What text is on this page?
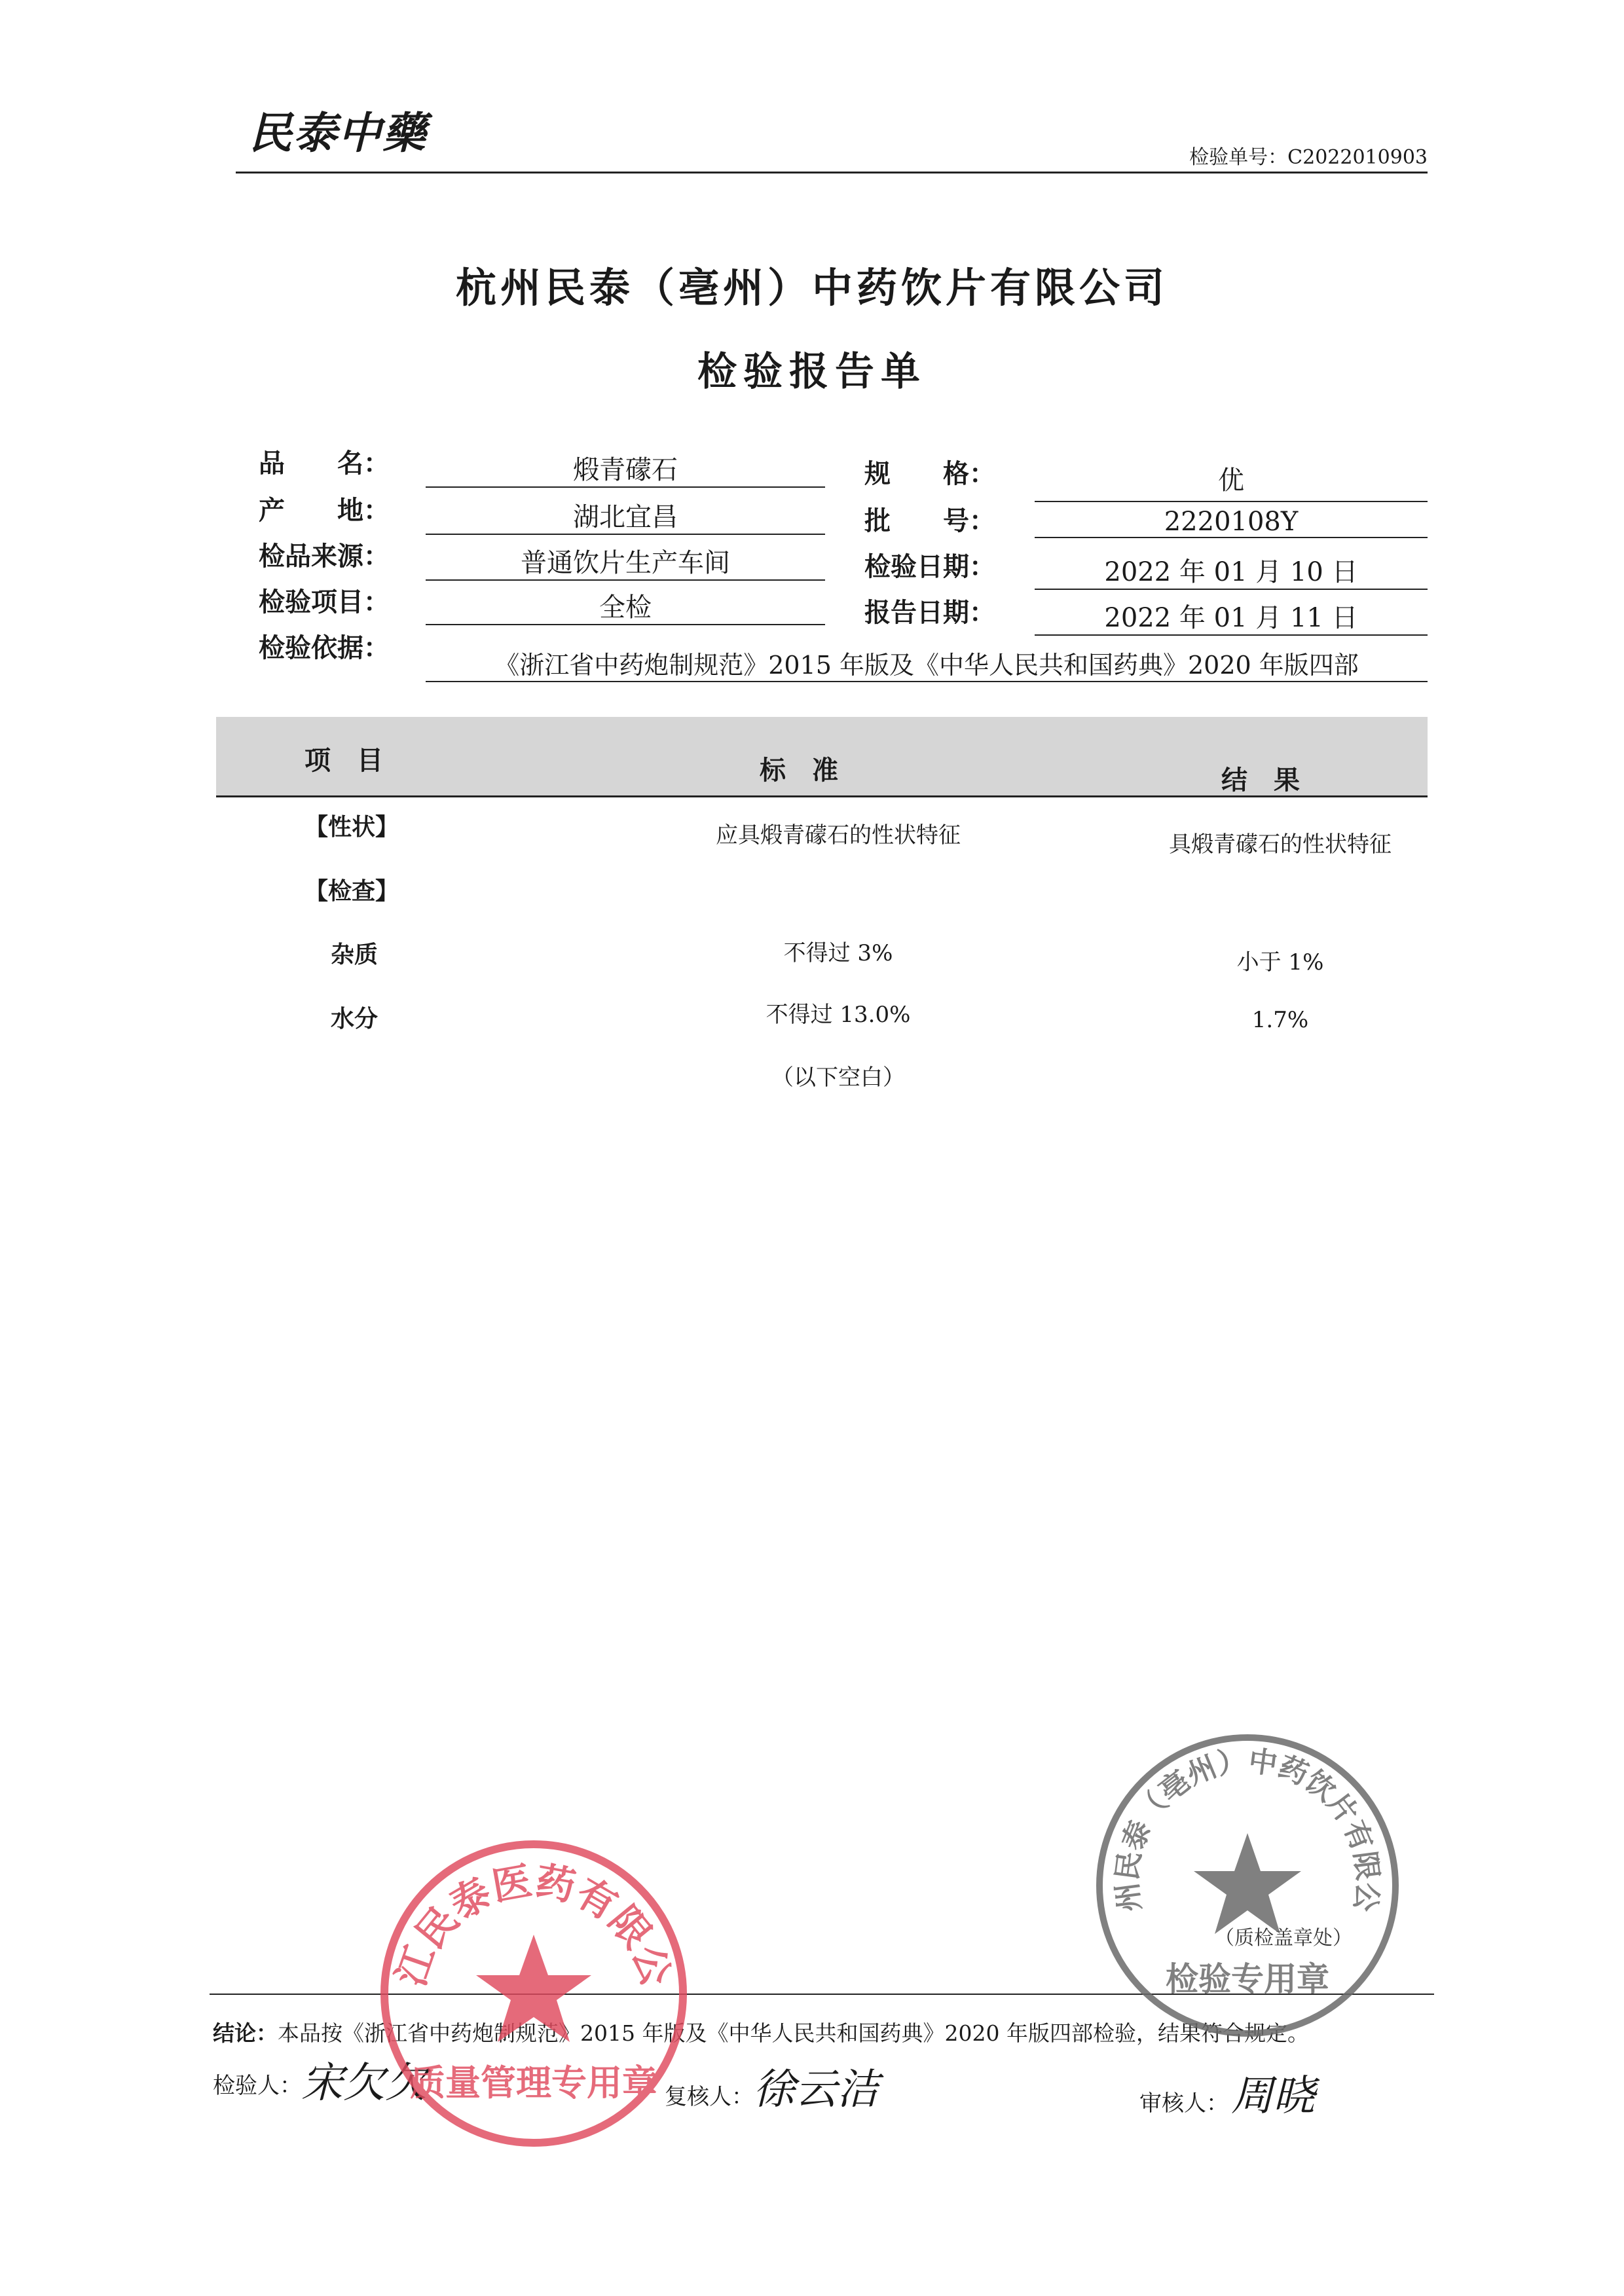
民泰中藥	检验单号：C2022010903
杭州民泰（亳州）中药饮片有限公司
检验报告单
品　　名：	煅青礞石
产　　地：	湖北宜昌
检品来源：	普通饮片生产车间
检验项目：	全检
检验依据：
《浙江省中药炮制规范》2015 年版及《中华人民共和国药典》2020 年版四部
规　　格：	优
批　　号：	2220108Y
检验日期：	2022 年 01 月 10 日
报告日期：	2022 年 01 月 11 日
项目	标准	结果
【性状】	应具煅青礞石的性状特征	具煅青礞石的性状特征
【检查】
杂质	不得过 3%	小于 1%
水分	不得过 13.0%	1.7%
（以下空白）
结论：本品按《浙江省中药炮制规范》2015 年版及《中华人民共和国药典》2020 年版四部检验，结果符合规定。
检验人： 宋欠欠	复核人： 徐云洁	审核人： 周晓
江民泰医药有限公
质量管理专用章
州民泰（亳州）中药饮片有限公
检验专用章
（质检盖章处）
